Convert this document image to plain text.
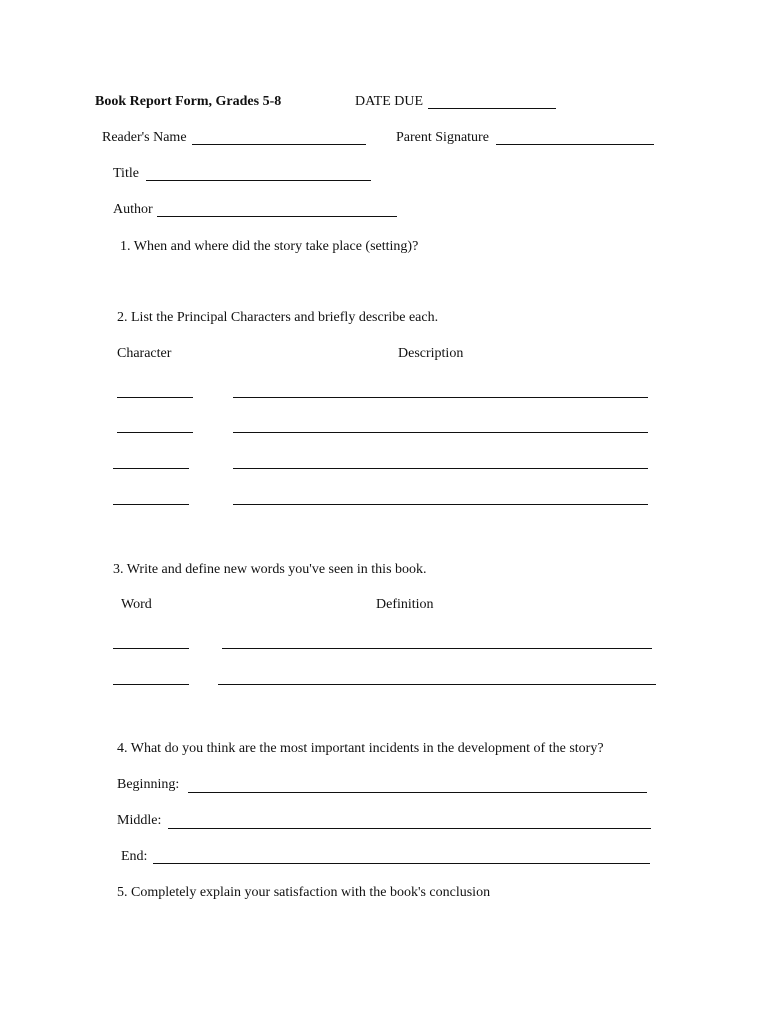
Book Report Form, Grades 5-8	DATE DUE
Reader's Name	Parent Signature
Title
Author
1. When and where did the story take place (setting)?
2. List the Principal Characters and briefly describe each.
Character	Description
3. Write and define new words you've seen in this book.
Word	Definition
4. What do you think are the most important incidents in the development of the story?
Beginning:
Middle:
End:
5. Completely explain your satisfaction with the book's conclusion
